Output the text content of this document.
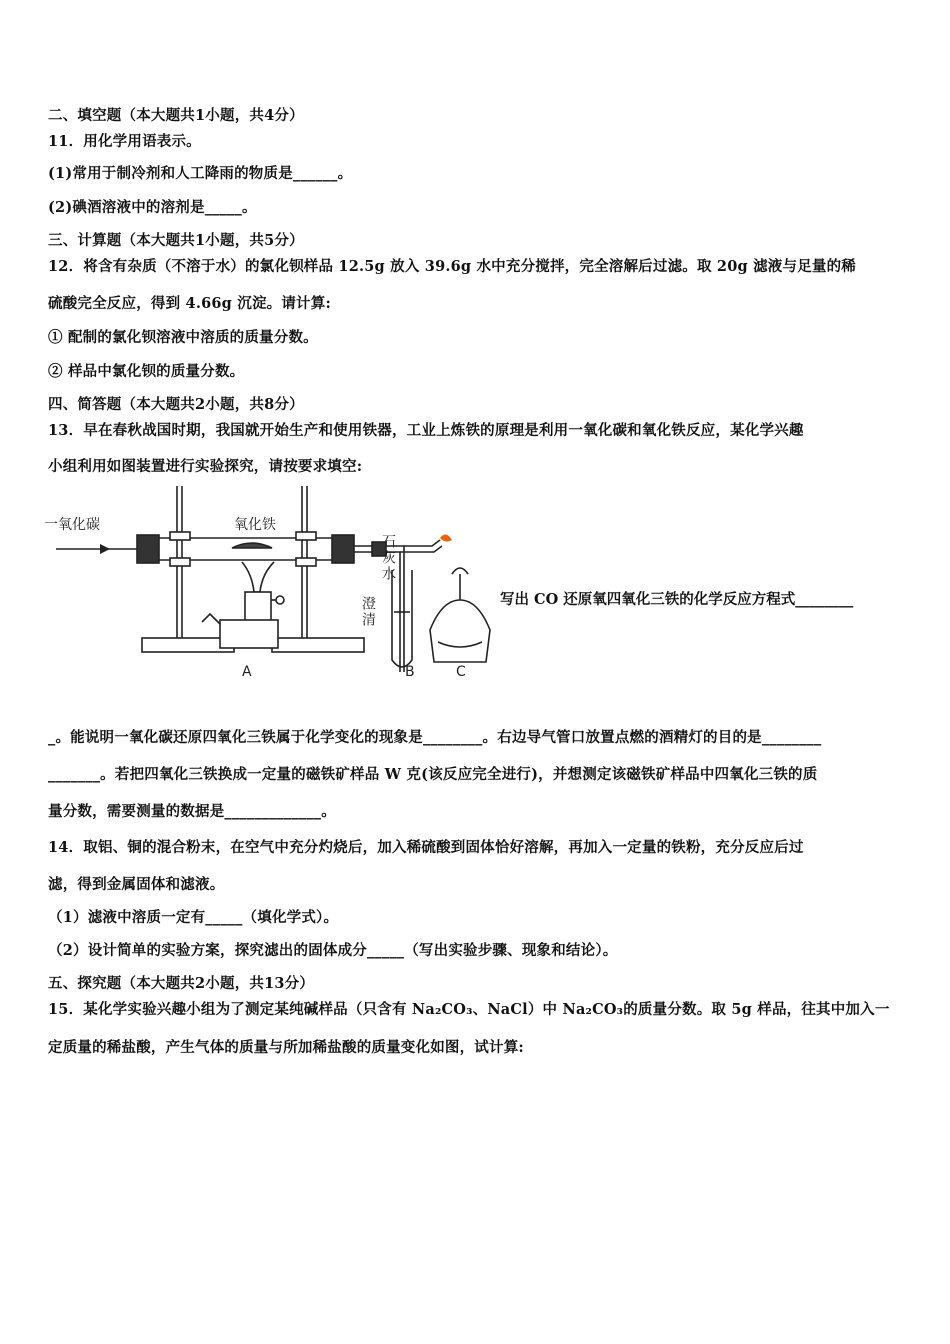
二、填空题（本大题共1小题，共4分）
11．用化学用语表示。
(1)常用于制冷剂和人工降雨的物质是______。
(2)碘酒溶液中的溶剂是_____。
三、计算题（本大题共1小题，共5分）
12．将含有杂质（不溶于水）的氯化钡样品 12.5g 放入 39.6g 水中充分搅拌，完全溶解后过滤。取 20g 滤液与足量的稀
硫酸完全反应，得到 4.66g 沉淀。请计算:
① 配制的氯化钡溶液中溶质的质量分数。
② 样品中氯化钡的质量分数。
四、简答题（本大题共2小题，共8分）
13．早在春秋战国时期，我国就开始生产和使用铁器，工业上炼铁的原理是利用一氧化碳和氧化铁反应，某化学兴趣
小组利用如图装置进行实验探究，请按要求填空:
一氧化碳	氧化铁
石灰水
澄清
A	B	C
写出 CO 还原氧四氧化三铁的化学反应方程式________
_。能说明一氧化碳还原四氧化三铁属于化学变化的现象是________。右边导气管口放置点燃的酒精灯的目的是________
_______。若把四氧化三铁换成一定量的磁铁矿样品 W 克(该反应完全进行)，并想测定该磁铁矿样品中四氧化三铁的质
量分数，需要测量的数据是_____________。
14．取铝、铜的混合粉末，在空气中充分灼烧后，加入稀硫酸到固体恰好溶解，再加入一定量的铁粉，充分反应后过
滤，得到金属固体和滤液。
（1）滤液中溶质一定有_____（填化学式）。
（2）设计简单的实验方案，探究滤出的固体成分_____（写出实验步骤、现象和结论）。
五、探究题（本大题共2小题，共13分）
15．某化学实验兴趣小组为了测定某纯碱样品（只含有 Na₂CO₃、NaCl）中 Na₂CO₃的质量分数。取 5g 样品，往其中加入一
定质量的稀盐酸，产生气体的质量与所加稀盐酸的质量变化如图，试计算:
